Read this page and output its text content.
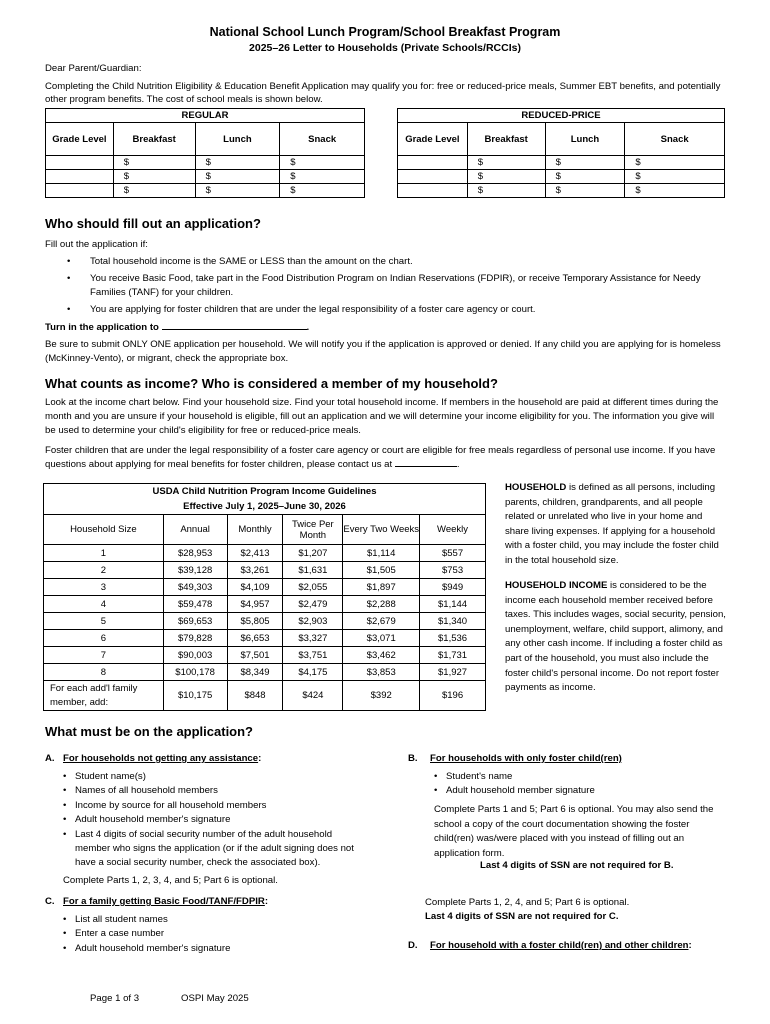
National School Lunch Program/School Breakfast Program
2025–26 Letter to Households (Private Schools/RCCIs)

Dear Parent/Guardian:

Completing the Child Nutrition Eligibility & Education Benefit Application may qualify you for: free or reduced-price meals, Summer EBT benefits, and potentially other program benefits. The cost of school meals is shown below.

REGULAR			
Grade Level	Breakfast	Lunch	Snack
	$	$	$
	$	$	$
	$	$	$
REDUCED-PRICE			
Grade Level	Breakfast	Lunch	Snack
	$	$	$
	$	$	$
	$	$	$
Who should fill out an application?

Fill out the application if:

• Total household income is the SAME or LESS than the amount on the chart.
• You receive Basic Food, take part in the Food Distribution Program on Indian Reservations (FDPIR), or receive Temporary Assistance for Needy Families (TANF) for your children.
• You are applying for foster children that are under the legal responsibility of a foster care agency or court.

Turn in the application to	.

Be sure to submit ONLY ONE application per household. We will notify you if the application is approved or denied. If any child you are applying for is homeless (McKinney-Vento), or migrant, check the appropriate box.

What counts as income? Who is considered a member of my household?

Look at the income chart below. Find your household size. Find your total household income. If members in the household are paid at different times during the month and you are unsure if your household is eligible, fill out an application and we will determine your income eligibility for you. The information you give will be used to determine your child's eligibility for free or reduced-price meals.

Foster children that are under the legal responsibility of a foster care agency or court are eligible for free meals regardless of personal use income. If you have questions about applying for meal benefits for foster children, please contact us at	.

USDA Child Nutrition Program Income Guidelines
Effective July 1, 2025–June 30, 2026					

Household Size	Annual	Monthly	Twice Per Month	Every Two Weeks	Weekly
1	$28,953	$2,413	$1,207	$1,114	$557
2	$39,128	$3,261	$1,631	$1,505	$753
3	$49,303	$4,109	$2,055	$1,897	$949
4	$59,478	$4,957	$2,479	$2,288	$1,144
5	$69,653	$5,805	$2,903	$2,679	$1,340
6	$79,828	$6,653	$3,327	$3,071	$1,536
7	$90,003	$7,501	$3,751	$3,462	$1,731
8	$100,178	$8,349	$4,175	$3,853	$1,927
For each add'l family member, add:	$10,175	$848	$424	$392	$196
HOUSEHOLD is defined as all persons, including parents, children, grandparents, and all people related or unrelated who live in your home and share living expenses. If applying for a household with a foster child, you may include the foster child in the total household size.
HOUSEHOLD INCOME is considered to be the income each household member received before taxes. This includes wages, social security, pension, unemployment, welfare, child support, alimony, and any other cash income. If including a foster child as part of the household, you must also include the foster child's personal income. Do not report foster payments as income.
What must be on the application?
A. For households not getting any assistance:
• Student name(s)
• Names of all household members
• Income by source for all household members
• Adult household member's signature
• Last 4 digits of social security number of the adult household member who signs the application (or if the adult signing does not have a social security number, check the associated box).
Complete Parts 1, 2, 3, 4, and 5; Part 6 is optional.
B. For households with only foster child(ren)
• Student's name
• Adult household member signature
Complete Parts 1 and 5; Part 6 is optional. You may also send the school a copy of the court documentation showing the foster child(ren) was/were placed with you instead of filling out an application form.
Last 4 digits of SSN are not required for B.
C. For a family getting Basic Food/TANF/FDPIR:
• List all student names
• Enter a case number
• Adult household member's signature
Complete Parts 1, 2, 4, and 5; Part 6 is optional.
Last 4 digits of SSN are not required for C.
D. For household with a foster child(ren) and other children:
Page 1 of 3	OSPI May 2025
